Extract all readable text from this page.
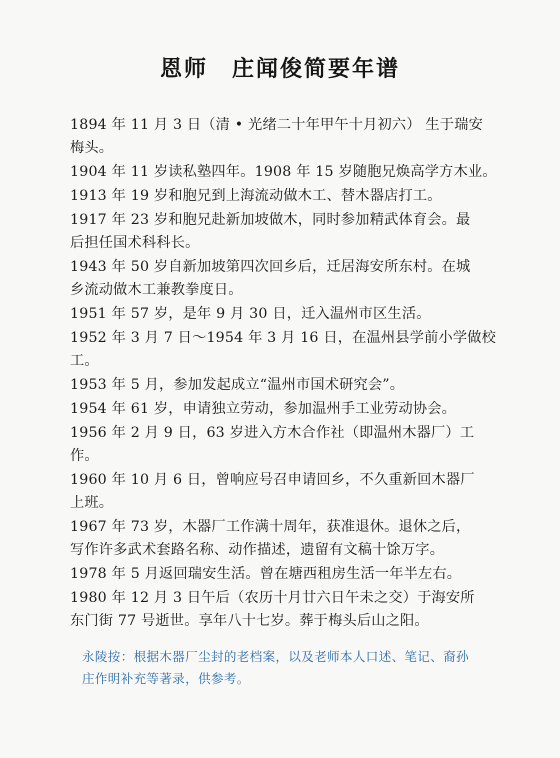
恩师　庄闻俊简要年谱
1894 年 11 月 3 日（清 • 光绪二十年甲午十月初六） 生于瑞安
梅头。
1904 年 11 岁读私塾四年。1908 年 15 岁随胞兄焕高学方木业。
1913 年 19 岁和胞兄到上海流动做木工、替木器店打工。
1917 年 23 岁和胞兄赴新加坡做木，同时参加精武体育会。最
后担任国术科科长。
1943 年 50 岁自新加坡第四次回乡后，迁居海安所东村。在城
乡流动做木工兼教拳度日。
1951 年 57 岁，是年 9 月 30 日，迁入温州市区生活。
1952 年 3 月 7 日～1954 年 3 月 16 日，在温州县学前小学做校
工。
1953 年 5 月，参加发起成立“温州市国术研究会”。
1954 年 61 岁，申请独立劳动，参加温州手工业劳动协会。
1956 年 2 月 9 日，63 岁进入方木合作社（即温州木器厂）工
作。
1960 年 10 月 6 日，曾响应号召申请回乡，不久重新回木器厂
上班。
1967 年 73 岁，木器厂工作满十周年，获准退休。退休之后，
写作许多武术套路名称、动作描述，遗留有文稿十馀万字。
1978 年 5 月返回瑞安生活。曾在塘西租房生活一年半左右。
1980 年 12 月 3 日午后（农历十月廿六日午未之交）于海安所
东门街 77 号逝世。享年八十七岁。葬于梅头后山之阳。
永陵按：根据木器厂尘封的老档案，以及老师本人口述、笔记、裔孙
庄作明补充等著录，供参考。
